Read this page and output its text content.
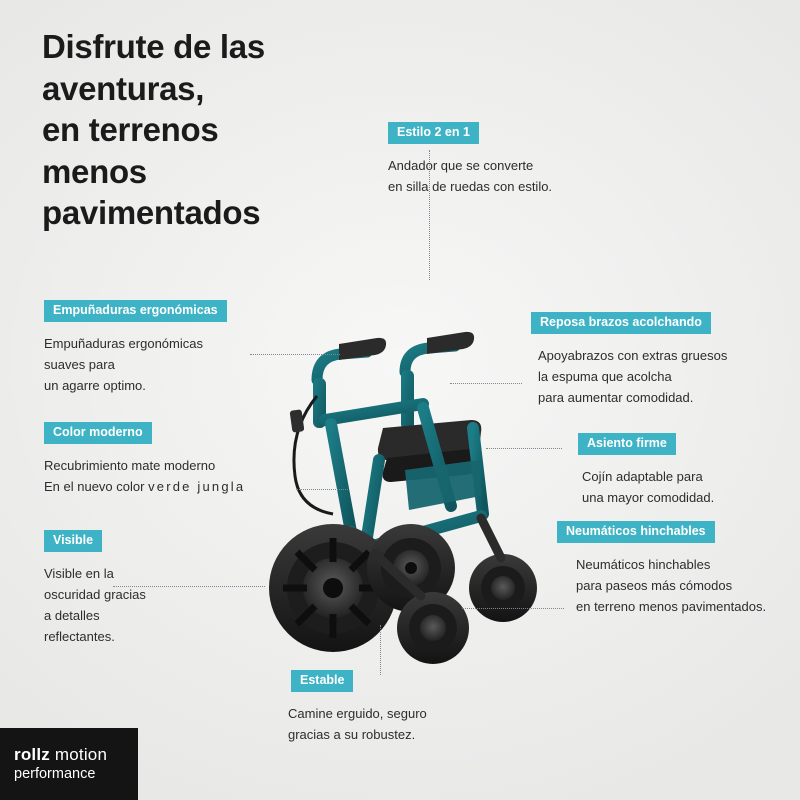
Disfrute de las
aventuras,
en terrenos
menos
pavimentados
Estilo 2 en 1
Andador que se converte
en silla de ruedas con estilo.
Empuñaduras ergonómicas
Empuñaduras ergonómicas
suaves para
un agarre optimo.
Color moderno
Recubrimiento mate moderno
En el nuevo color verde jungla
Visible
Visible en la
oscuridad gracias
a detalles
reflectantes.
Reposa brazos acolchando
Apoyabrazos con extras gruesos
la espuma que acolcha
para aumentar comodidad.
Asiento firme
Cojín adaptable para
una mayor comodidad.
Neumáticos hinchables
Neumáticos hinchables
para paseos más cómodos
en terreno menos pavimentados.
Estable
Camine erguido, seguro
gracias a su robustez.
rollz motion
performance
